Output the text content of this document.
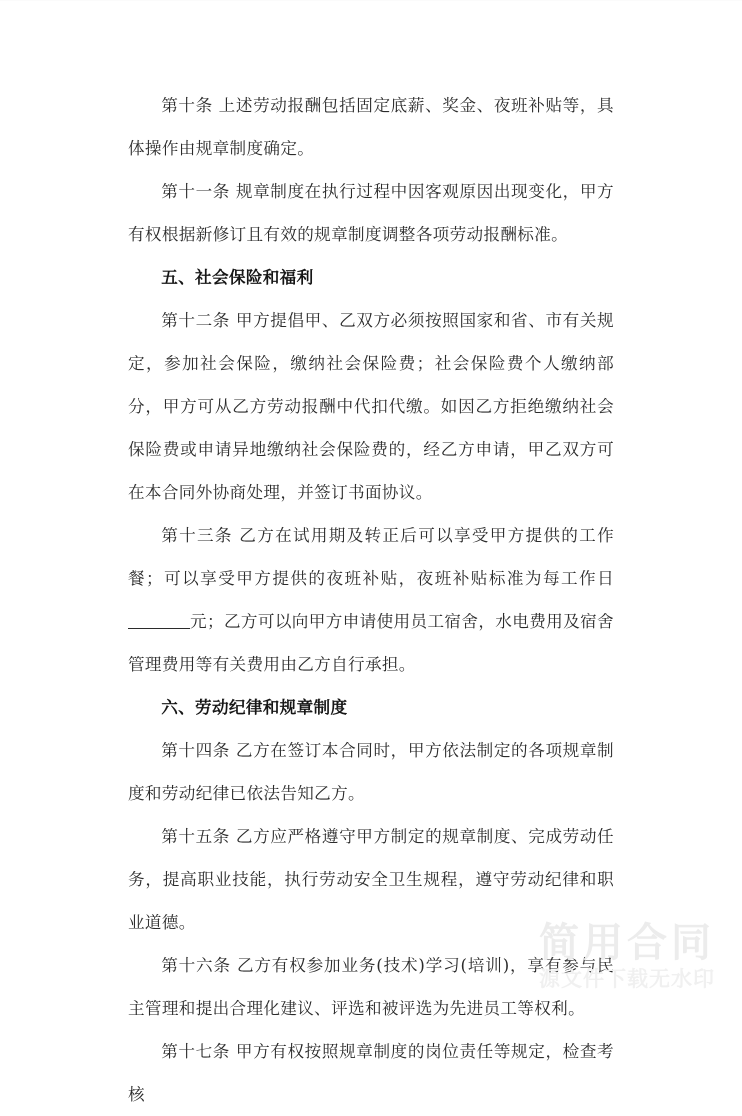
第十条 上述劳动报酬包括固定底薪、奖金、夜班补贴等，具体操作由规章制度确定。

第十一条 规章制度在执行过程中因客观原因出现变化，甲方有权根据新修订且有效的规章制度调整各项劳动报酬标准。

五、社会保险和福利

第十二条 甲方提倡甲、乙双方必须按照国家和省、市有关规定，参加社会保险，缴纳社会保险费；社会保险费个人缴纳部分，甲方可从乙方劳动报酬中代扣代缴。如因乙方拒绝缴纳社会保险费或申请异地缴纳社会保险费的，经乙方申请，甲乙双方可在本合同外协商处理，并签订书面协议。

第十三条 乙方在试用期及转正后可以享受甲方提供的工作餐；可以享受甲方提供的夜班补贴，夜班补贴标准为每工作日元；乙方可以向甲方申请使用员工宿舍，水电费用及宿舍管理费用等有关费用由乙方自行承担。

六、劳动纪律和规章制度

第十四条 乙方在签订本合同时，甲方依法制定的各项规章制度和劳动纪律已依法告知乙方。

第十五条 乙方应严格遵守甲方制定的规章制度、完成劳动任务，提高职业技能，执行劳动安全卫生规程，遵守劳动纪律和职业道德。

第十六条 乙方有权参加业务(技术)学习(培训)，享有参与民主管理和提出合理化建议、评选和被评选为先进员工等权利。

第十七条 甲方有权按照规章制度的岗位责任等规定，检查考核

简用合同
源文件下载无水印
